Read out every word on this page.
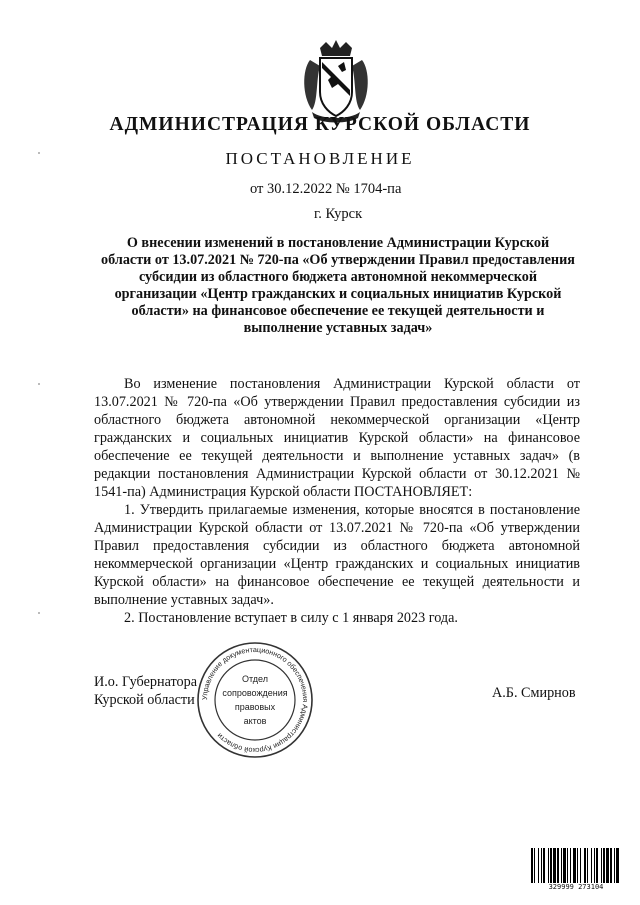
АДМИНИСТРАЦИЯ КУРСКОЙ ОБЛАСТИ
ПОСТАНОВЛЕНИЕ
от 30.12.2022 № 1704-па
г. Курск
О внесении изменений в постановление Администрации Курской области от 13.07.2021 № 720-па «Об утверждении Правил предоставления субсидии из областного бюджета автономной некоммерческой организации «Центр гражданских и социальных инициатив Курской области» на финансовое обеспечение ее текущей деятельности и выполнение уставных задач»

Во изменение постановления Администрации Курской области от 13.07.2021 № 720-па «Об утверждении Правил предоставления субсидии из областного бюджета автономной некоммерческой организации «Центр гражданских и социальных инициатив Курской области» на финансовое обеспечение ее текущей деятельности и выполнение уставных задач» (в редакции постановления Администрации Курской области от 30.12.2021 № 1541-па) Администрация Курской области ПОСТАНОВЛЯЕТ:

1. Утвердить прилагаемые изменения, которые вносятся в постановление Администрации Курской области от 13.07.2021 № 720-па «Об утверждении Правил предоставления субсидии из областного бюджета автономной некоммерческой организации «Центр гражданских и социальных инициатив Курской области» на финансовое обеспечение ее текущей деятельности и выполнение уставных задач».

2. Постановление вступает в силу с 1 января 2023 года.

И.о. Губернатора
Курской области	А.Б. Смирнов
Управление документационного обеспечения Администрации Курской области
Отдел
сопровождения
правовых
актов
329999 273104
